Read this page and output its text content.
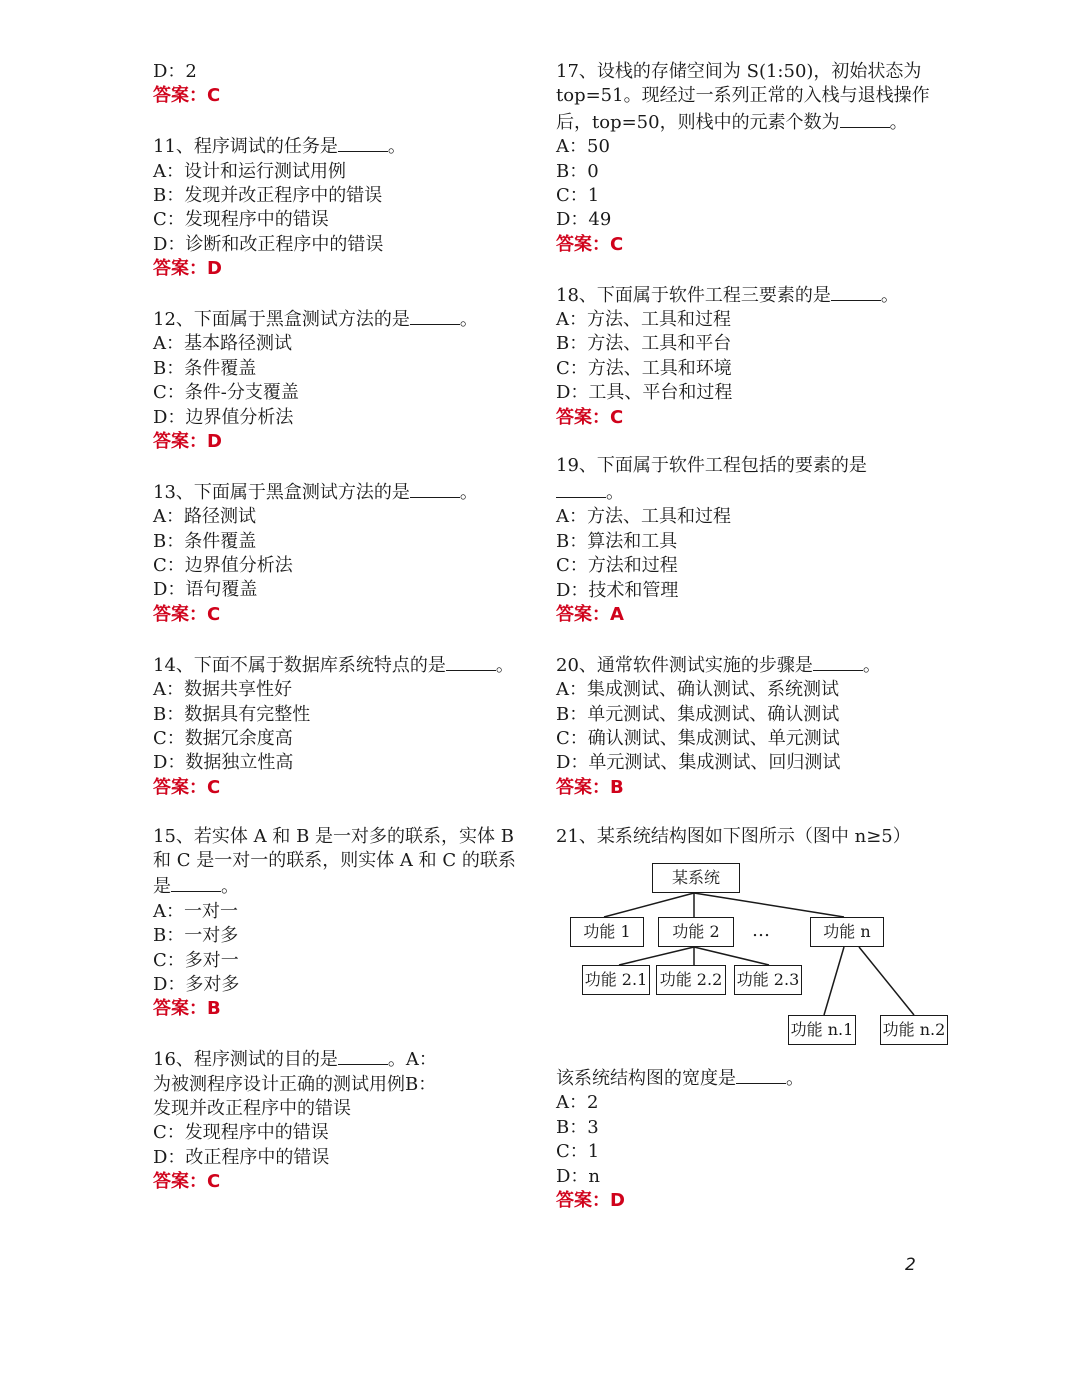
D：2
答案：C
11、程序调试的任务是	。
A：设计和运行测试用例
B：发现并改正程序中的错误
C：发现程序中的错误
D：诊断和改正程序中的错误
答案：D
12、下面属于黑盒测试方法的是	。
A：基本路径测试
B：条件覆盖
C：条件-分支覆盖
D：边界值分析法
答案：D
13、下面属于黑盒测试方法的是	。
A：路径测试
B：条件覆盖
C：边界值分析法
D：语句覆盖
答案：C
14、下面不属于数据库系统特点的是	。
A：数据共享性好
B：数据具有完整性
C：数据冗余度高
D：数据独立性高
答案：C
15、若实体 A 和 B 是一对多的联系，实体 B
和 C 是一对一的联系，则实体 A 和 C 的联系
是	。
A：一对一
B：一对多
C：多对一
D：多对多
答案：B
16、程序测试的目的是	。A：
为被测程序设计正确的测试用例B：
发现并改正程序中的错误
C：发现程序中的错误
D：改正程序中的错误
答案：C
17、设栈的存储空间为 S(1:50)，初始状态为
top=51。现经过一系列正常的入栈与退栈操作
后，top=50，则栈中的元素个数为	。
A：50
B：0
C：1
D：49
答案：C
18、下面属于软件工程三要素的是	。
A：方法、工具和过程
B：方法、工具和平台
C：方法、工具和环境
D：工具、平台和过程
答案：C
19、下面属于软件工程包括的要素的是
。
A：方法、工具和过程
B：算法和工具
C：方法和过程
D：技术和管理
答案：A
20、通常软件测试实施的步骤是	。
A：集成测试、确认测试、系统测试
B：单元测试、集成测试、确认测试
C：确认测试、集成测试、单元测试
D：单元测试、集成测试、回归测试
答案：B
21、某系统结构图如下图所示（图中 n≥5）
某系统
功能 1	功能 2	…	功能 n
功能 2.1 功能 2.2 功能 2.3
功能 n.1 功能 n.2
该系统结构图的宽度是	。
A：2
B：3
C：1
D：n
答案：D
2
